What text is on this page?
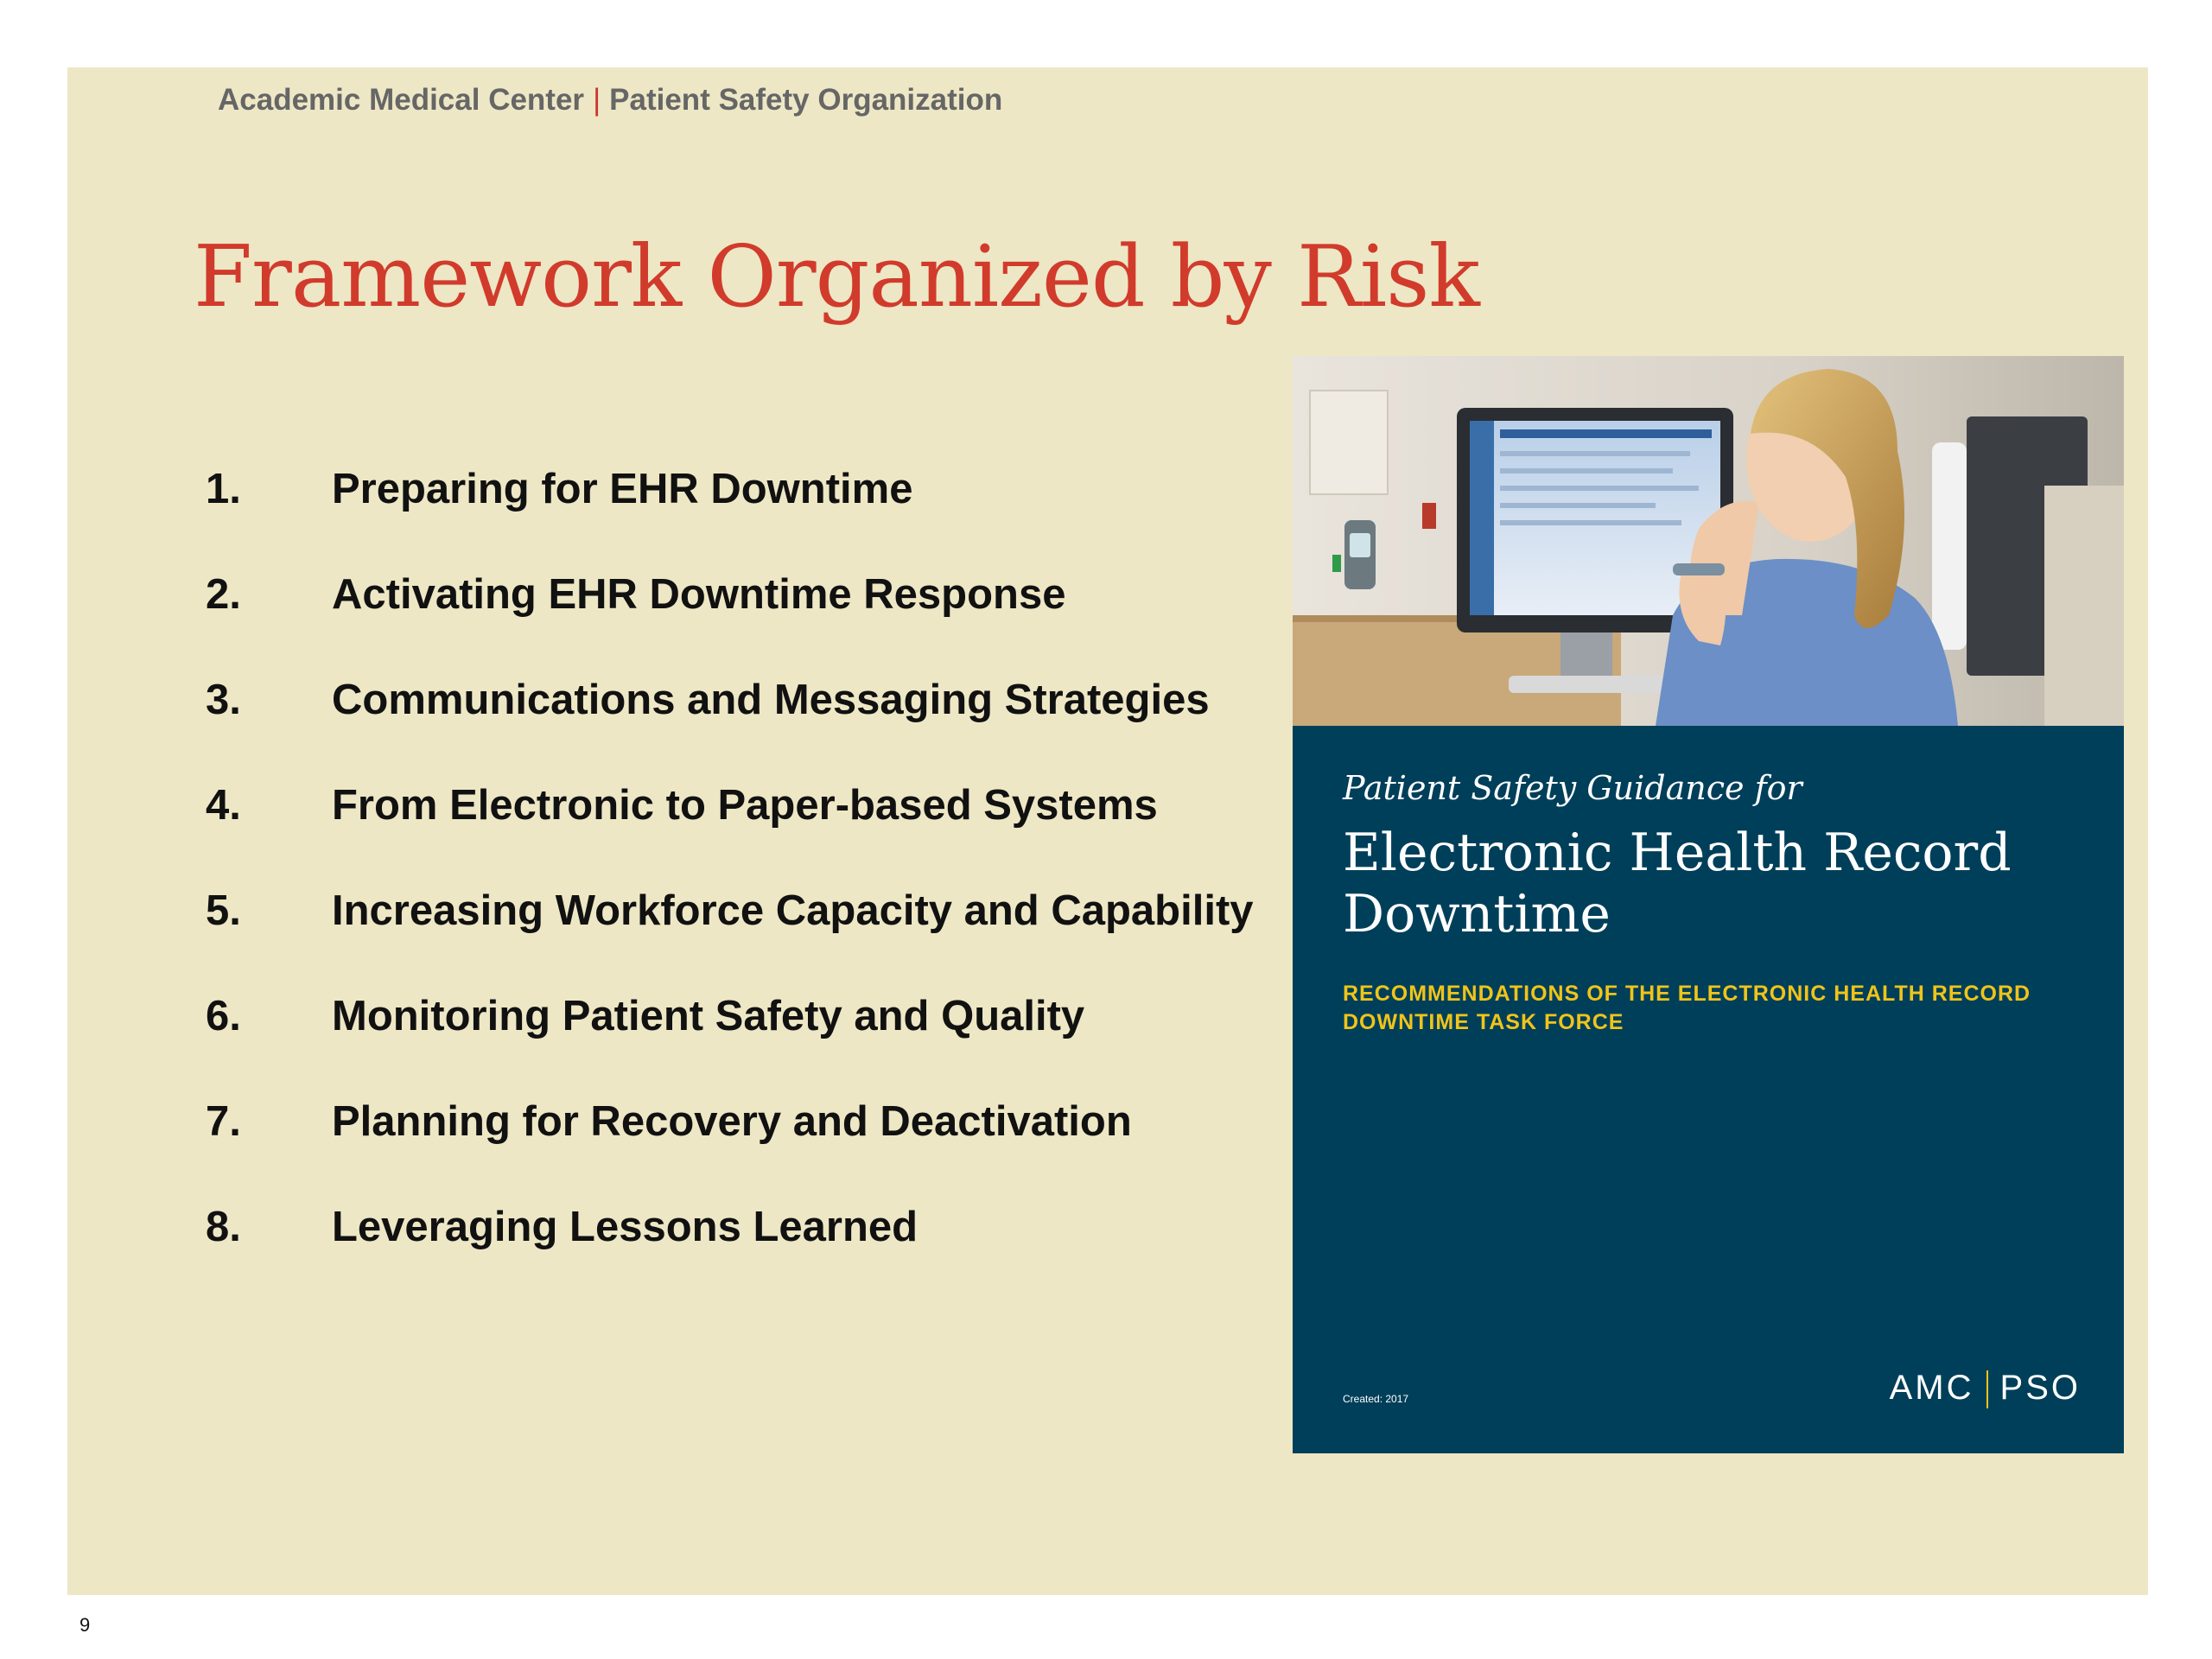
Academic Medical Center | Patient Safety Organization
Framework Organized by Risk
1. Preparing for EHR Downtime
2. Activating EHR Downtime Response
3. Communications and Messaging Strategies
4. From Electronic to Paper-based Systems
5. Increasing Workforce Capacity and Capability
6. Monitoring Patient Safety and Quality
7. Planning for Recovery and Deactivation
8. Leveraging Lessons Learned
Patient Safety Guidance for
Electronic Health Record Downtime
RECOMMENDATIONS OF THE ELECTRONIC HEALTH RECORD DOWNTIME TASK FORCE
Created: 2017	AMC PSO
9
